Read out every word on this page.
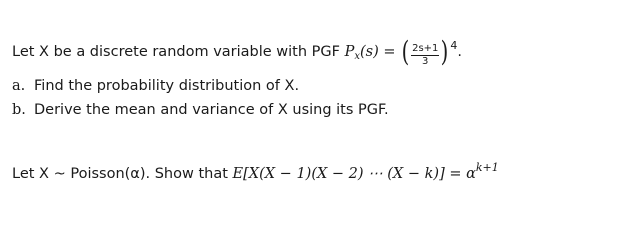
Let X be a discrete random variable with PGF $P_x(s)$ = ( $\frac{2s+1}{3}$ ) $^4$.
a. Find the probability distribution of X.
b. Derive the mean and variance of X using its PGF.
Let X ~ Poisson(α). Show that E[X(X − 1)(X − 2) ⋯ $(X - k)] = \alpha^{k+1}$
